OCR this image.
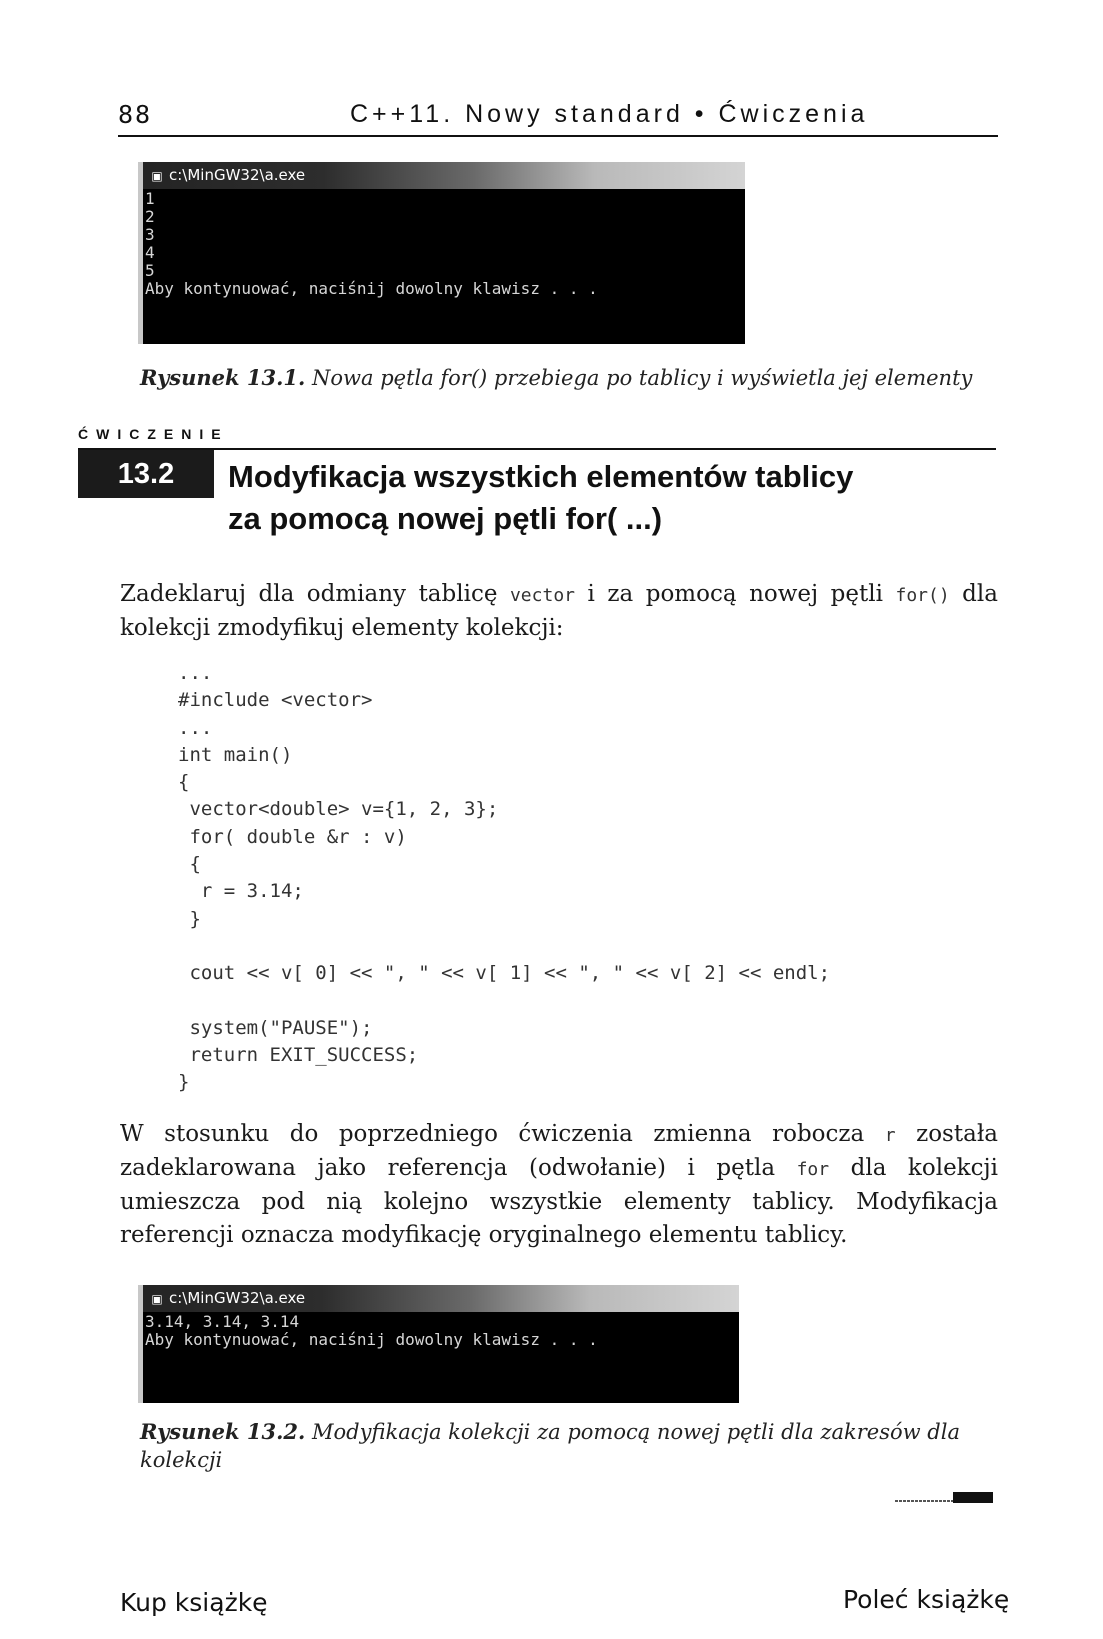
88	C++11. Nowy standard • Ćwiczenia
▣ c:\MinGW32\a.exe
1
2
3
4
5
Aby kontynuować, naciśnij dowolny klawisz . . .
Rysunek 13.1. Nowa pętla for() przebiega po tablicy i wyświetla jej elementy
ĆWICZENIE
13.2	Modyfikacja wszystkich elementów tablicy
za pomocą nowej pętli for( ...)
Zadeklaruj dla odmiany tablicę vector i za pomocą nowej pętli for() dla kolekcji zmodyfikuj elementy kolekcji:
...
#include <vector>
...
int main()
{
vector<double> v={1, 2, 3};
for( double &r : v)
{
r = 3.14;
}
cout << v[ 0] << ", " << v[ 1] << ", " << v[ 2] << endl;
system("PAUSE");
return EXIT_SUCCESS;
}
W stosunku do poprzedniego ćwiczenia zmienna robocza r została zadeklarowana jako referencja (odwołanie) i pętla for dla kolekcji umieszcza pod nią kolejno wszystkie elementy tablicy. Modyfikacja referencji oznacza modyfikację oryginalnego elementu tablicy.
▣ c:\MinGW32\a.exe
3.14, 3.14, 3.14
Aby kontynuować, naciśnij dowolny klawisz . . .
Rysunek 13.2. Modyfikacja kolekcji za pomocą nowej pętli dla zakresów dla kolekcji
Kup książkę	Poleć książkę
